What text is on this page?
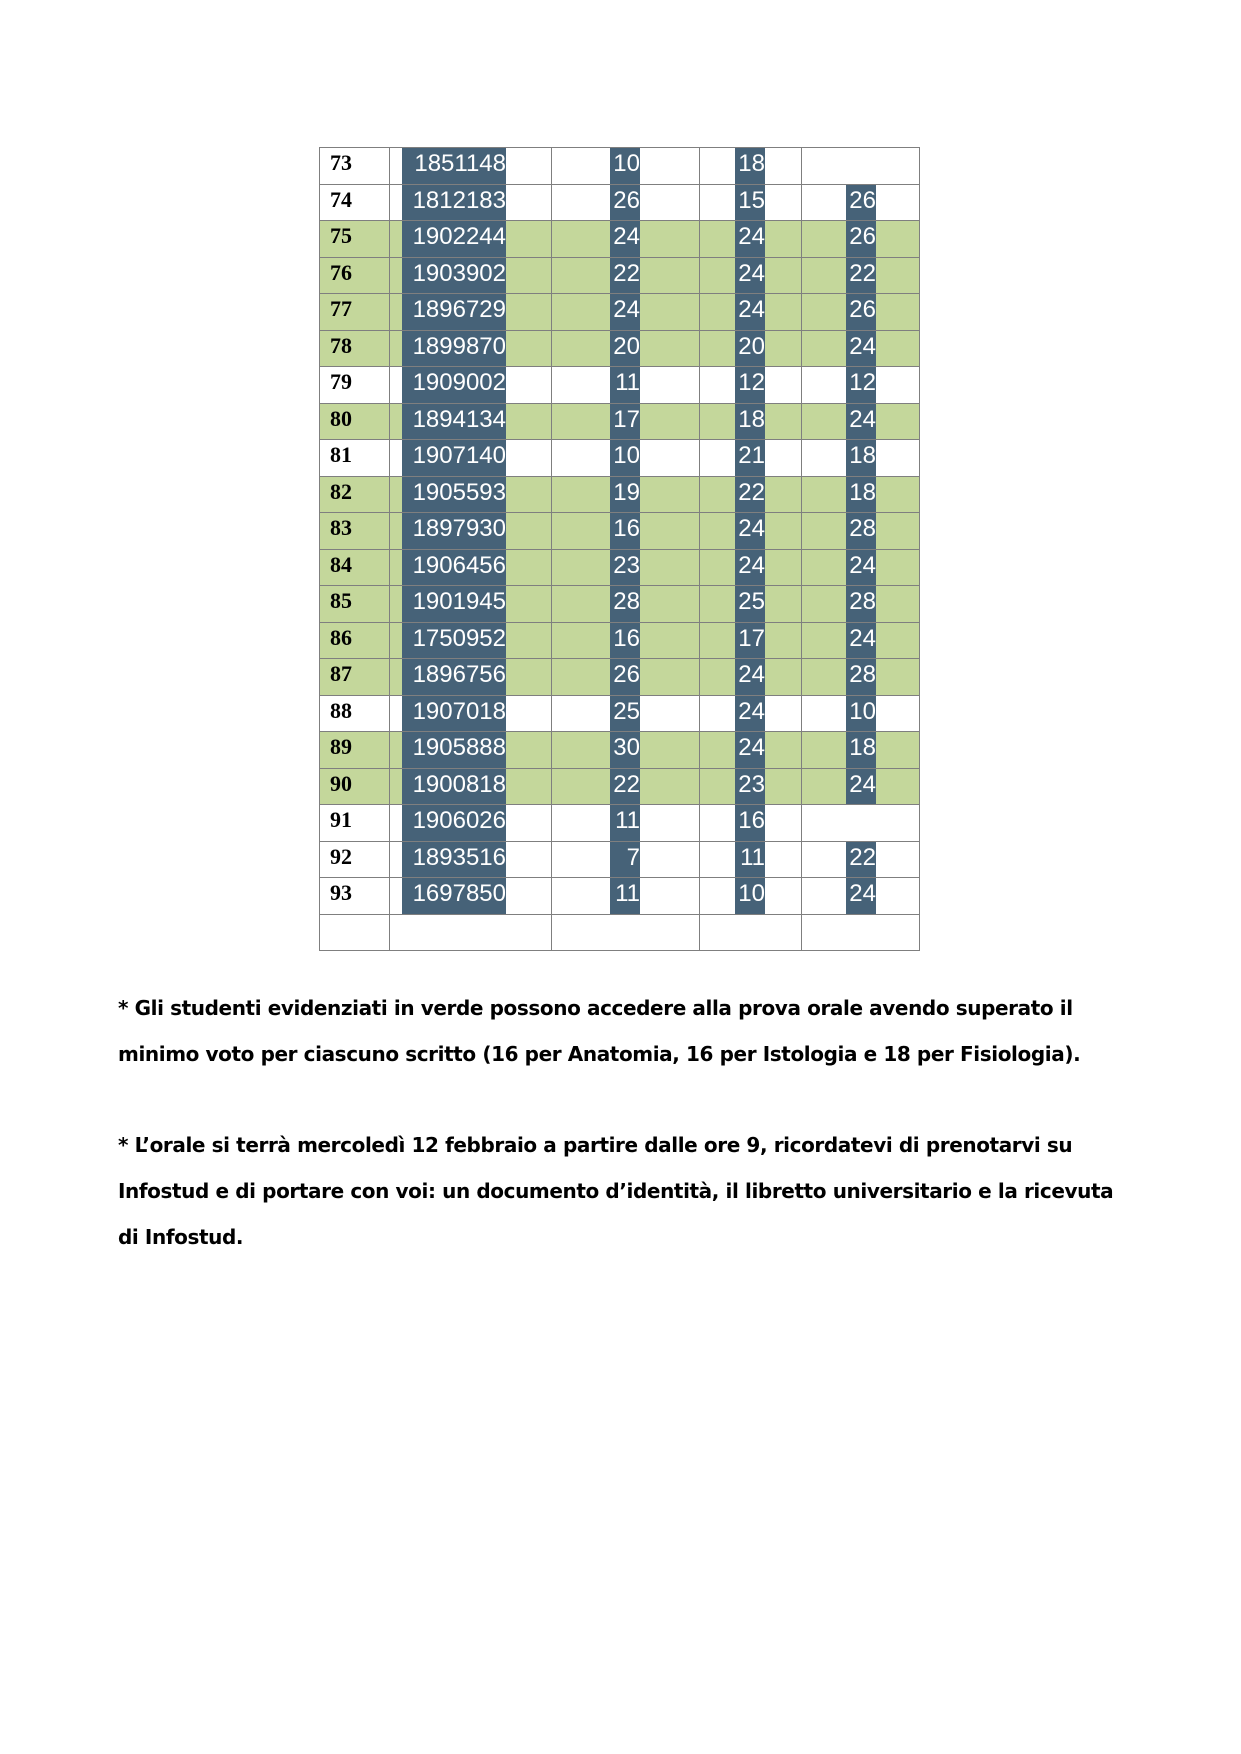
73	1851148	10	18	

74	1812183	26	15	26

75	1902244	24	24	26

76	1903902	22	24	22

77	1896729	24	24	26

78	1899870	20	20	24

79	1909002	11	12	12

80	1894134	17	18	24

81	1907140	10	21	18

82	1905593	19	22	18

83	1897930	16	24	28

84	1906456	23	24	24

85	1901945	28	25	28

86	1750952	16	17	24

87	1896756	26	24	28

88	1907018	25	24	10

89	1905888	30	24	18

90	1900818	22	23	24

91	1906026	11	16	

92	1893516	7	11	22

93	1697850	11	10	24

* Gli studenti evidenziati in verde possono accedere alla prova orale avendo superato il minimo voto per ciascuno scritto (16 per Anatomia, 16 per Istologia e 18 per Fisiologia).

* L’orale si terrà mercoledì 12 febbraio a partire dalle ore 9, ricordatevi di prenotarvi su Infostud e di portare con voi: un documento d’identità, il libretto universitario e la ricevuta di Infostud.
